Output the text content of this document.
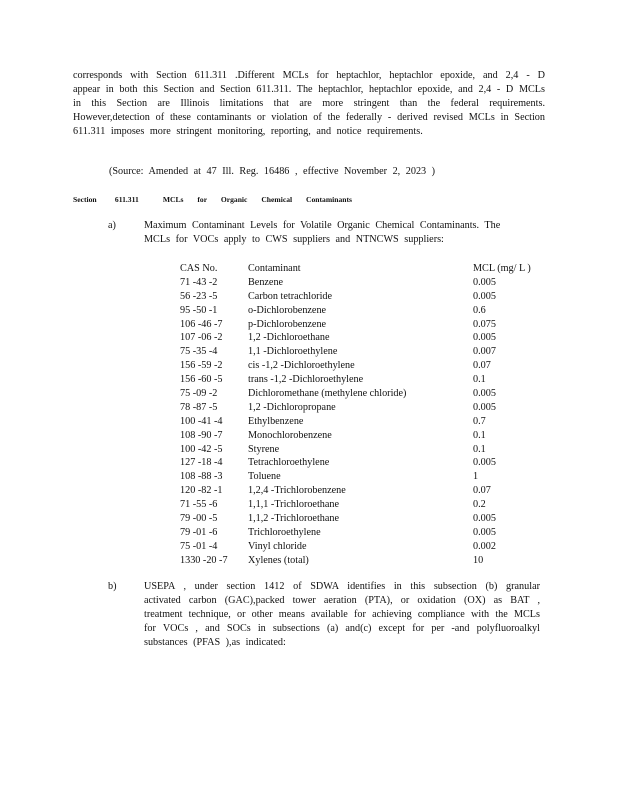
corresponds with Section 611.311 .Different MCLs for heptachlor, heptachlor epoxide, and 2,4 - D appear in both this Section and Section 611.311. The heptachlor, heptachlor epoxide, and 2,4 - D MCLs in this Section are Illinois limitations that are more stringent than the federal requirements. However,detection of these contaminants or violation of the federally - derived revised MCLs in Section 611.311 imposes more stringent monitoring, reporting, and notice requirements.
(Source: Amended at 47 Ill. Reg. 16486 , effective November 2, 2023 )
Section 611.311	MCLs for Organic Chemical Contaminants
a)	Maximum Contaminant Levels for Volatile Organic Chemical Contaminants. The MCLs for VOCs apply to CWS suppliers and NTNCWS suppliers:
CAS No.	Contaminant	MCL (mg/ L )
71 -43 -2	Benzene	0.005
56 -23 -5	Carbon tetrachloride	0.005
95 -50 -1	o-Dichlorobenzene	0.6
106 -46 -7	p-Dichlorobenzene	0.075
107 -06 -2	1,2 -Dichloroethane	0.005
75 -35 -4	1,1 -Dichloroethylene	0.007
156 -59 -2	cis -1,2 -Dichloroethylene	0.07
156 -60 -5	trans -1,2 -Dichloroethylene	0.1
75 -09 -2	Dichloromethane (methylene chloride)	0.005
78 -87 -5	1,2 -Dichloropropane	0.005
100 -41 -4	Ethylbenzene	0.7
108 -90 -7	Monochlorobenzene	0.1
100 -42 -5	Styrene	0.1
127 -18 -4	Tetrachloroethylene	0.005
108 -88 -3	Toluene	1
120 -82 -1	1,2,4 -Trichlorobenzene	0.07
71 -55 -6	1,1,1 -Trichloroethane	0.2
79 -00 -5	1,1,2 -Trichloroethane	0.005
79 -01 -6	Trichloroethylene	0.005
75 -01 -4	Vinyl chloride	0.002
1330 -20 -7 Xylenes (total)	10
b)	USEPA , under section 1412 of SDWA identifies in this subsection (b) granular activated carbon (GAC),packed tower aeration (PTA), or oxidation (OX) as BAT , treatment technique, or other means available for achieving compliance with the MCLs for VOCs , and SOCs in subsections (a) and(c) except for per -and polyfluoroalkyl substances (PFAS ),as indicated:
